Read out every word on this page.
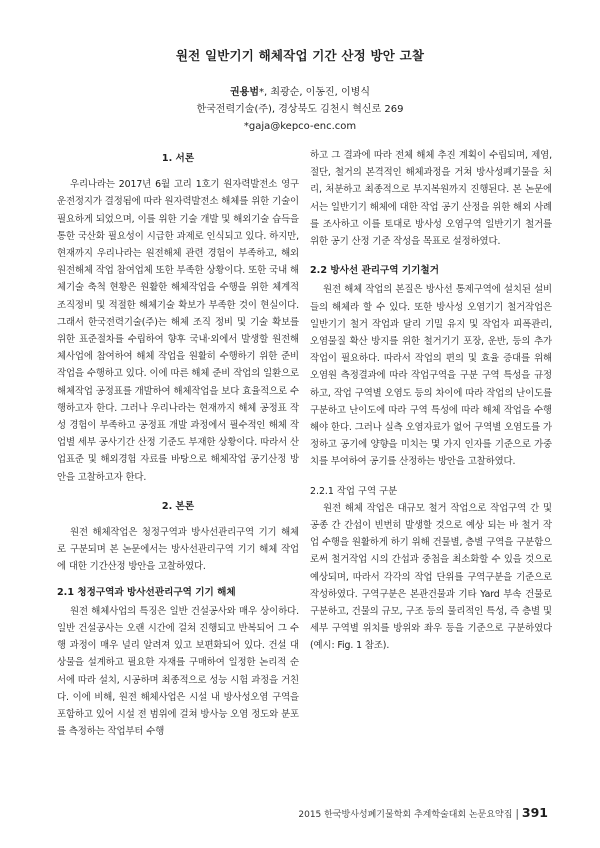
원전 일반기기 해체작업 기간 산정 방안 고찰
권용범*, 최광순, 이동진, 이병식
한국전력기술(주), 경상북도 김천시 혁신로 269
*gaja@kepco-enc.com
1. 서론

우리나라는 2017년 6월 고리 1호기 원자력발전소 영구 운전정지가 결정됨에 따라 원자력발전소 해체를 위한 기술이 필요하게 되었으며, 이를 위한 기술 개발 및 해외기술 습득을 통한 국산화 필요성이 시급한 과제로 인식되고 있다. 하지만, 현재까지 우리나라는 원전해체 관련 경험이 부족하고, 해외 원전해체 작업 참여업체 또한 부족한 상황이다. 또한 국내 해체기술 축척 현황은 원활한 해체작업을 수행을 위한 체계적 조직정비 및 적절한 해체기술 확보가 부족한 것이 현실이다. 그래서 한국전력기술(주)는 해체 조직 정비 및 기술 확보를 위한 표준절차를 수립하여 향후 국내·외에서 발생할 원전해체사업에 참여하여 해체 작업을 원활히 수행하기 위한 준비 작업을 수행하고 있다. 이에 따른 해체 준비 작업의 일환으로 해체작업 공정표를 개발하여 해체작업을 보다 효율적으로 수행하고자 한다. 그러나 우리나라는 현재까지 해체 공정표 작성 경험이 부족하고 공정표 개발 과정에서 필수적인 해체 작업별 세부 공사기간 산정 기준도 부재한 상황이다. 따라서 산업표준 및 해외경험 자료를 바탕으로 해체작업 공기산정 방안을 고찰하고자 한다.

2. 본론

원전 해체작업은 청정구역과 방사선관리구역 기기 해체로 구분되며 본 논문에서는 방사선관리구역 기기 해체 작업에 대한 기간산정 방안을 고찰하였다.

2.1 청정구역과 방사선관리구역 기기 해체

원전 해체사업의 특징은 일반 건설공사와 매우 상이하다. 일반 건설공사는 오랜 시간에 걸쳐 진행되고 반복되어 그 수행 과정이 매우 널리 알려져 있고 보편화되어 있다. 건설 대상물을 설계하고 필요한 자재를 구매하여 일정한 논리적 순서에 따라 설치, 시공하며 최종적으로 성능 시험 과정을 거친다. 이에 비해, 원전 해체사업은 시설 내 방사성오염 구역을 포함하고 있어 시설 전 범위에 걸쳐 방사능 오염 정도와 분포를 측정하는 작업부터 수행

하고 그 결과에 따라 전체 해체 추진 계획이 수립되며, 제염, 절단, 철거의 본격적인 해체과정을 거쳐 방사성폐기물을 처리, 처분하고 최종적으로 부지복원까지 진행된다. 본 논문에서는 일반기기 해체에 대한 작업 공기 산정을 위한 해외 사례를 조사하고 이를 토대로 방사성 오염구역 일반기기 철거를 위한 공기 산정 기준 작성을 목표로 설정하였다.

2.2 방사선 관리구역 기기철거

원전 해체 작업의 본질은 방사선 통제구역에 설치된 설비들의 해체라 할 수 있다. 또한 방사성 오염기기 철거작업은 일반기기 철거 작업과 달리 기밀 유지 및 작업자 피폭관리, 오염물질 확산 방지를 위한 철거기기 포장, 운반, 등의 추가 작업이 필요하다. 따라서 작업의 편의 및 효율 증대를 위해 오염원 측정결과에 따라 작업구역을 구분 구역 특성을 규정하고, 작업 구역별 오염도 등의 차이에 따라 작업의 난이도를 구분하고 난이도에 따라 구역 특성에 따라 해체 작업을 수행해야 한다. 그러나 실측 오염자료가 없어 구역별 오염도를 가정하고 공기에 양향을 미치는 몇 가지 인자를 기준으로 가중치를 부여하여 공기를 산정하는 방안을 고찰하였다.

2.2.1 작업 구역 구분

원전 해체 작업은 대규모 철거 작업으로 작업구역 간 및 공종 간 간섭이 빈번히 발생할 것으로 예상 되는 바 철거 작업 수행을 원활하게 하기 위해 건물별, 층별 구역을 구분함으로써 철거작업 시의 간섭과 중첩을 최소화할 수 있을 것으로 예상되며, 따라서 각각의 작업 단위를 구역구분을 기준으로 작성하였다. 구역구분은 본관건물과 기타 Yard 부속 건물로 구분하고, 건물의 규모, 구조 등의 물리적인 특성, 즉 층별 및 세부 구역별 위치를 방위와 좌우 등을 기준으로 구분하였다(예시: Fig. 1 참조).

2015 한국방사성폐기물학회 추계학술대회 논문요약집 | 391
